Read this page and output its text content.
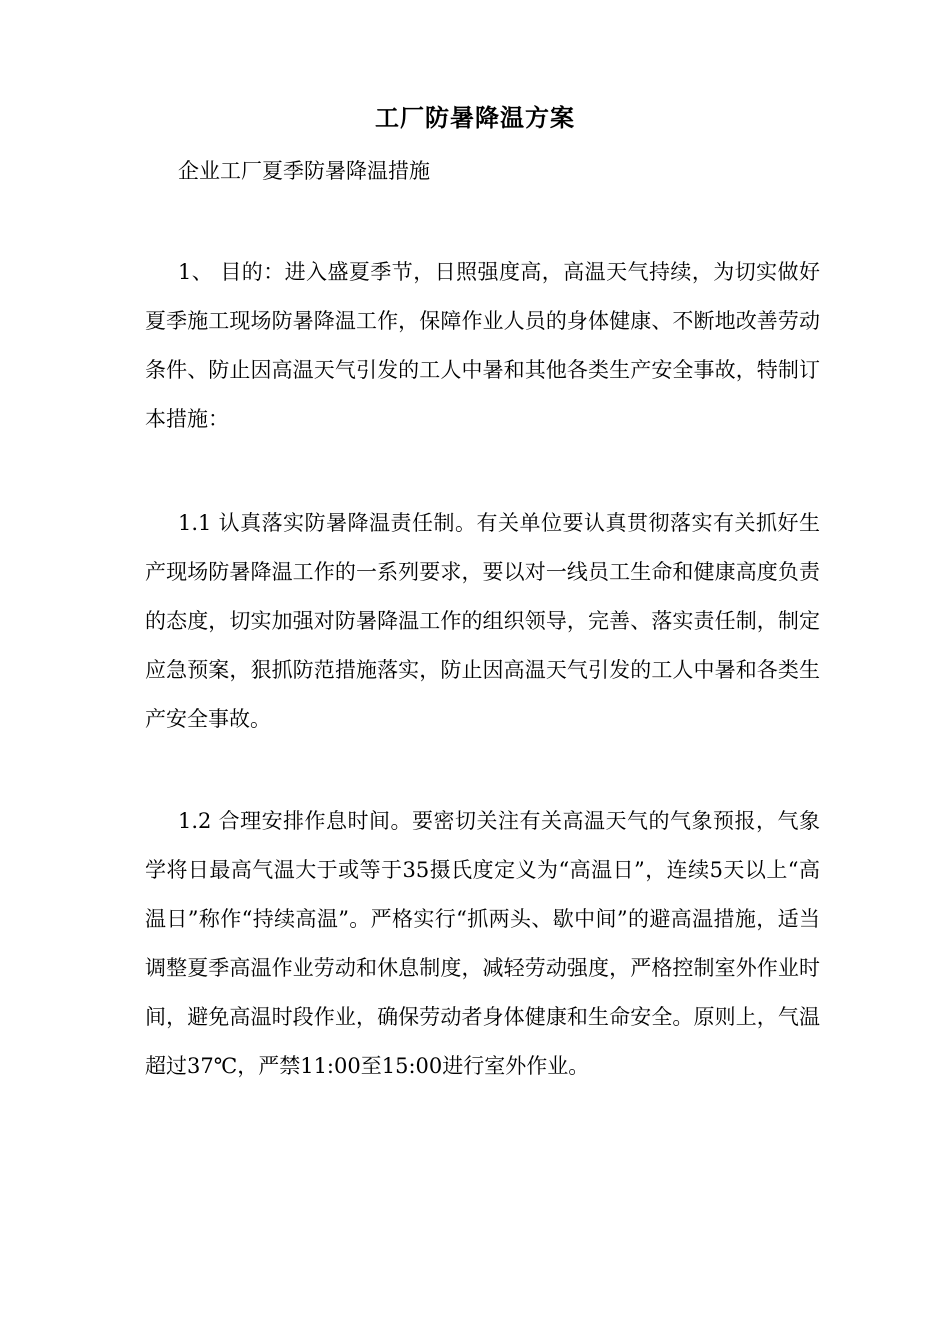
工厂防暑降温方案
企业工厂夏季防暑降温措施

1、 目的：进入盛夏季节，日照强度高，高温天气持续，为切实做好夏季施工现场防暑降温工作，保障作业人员的身体健康、不断地改善劳动条件、防止因高温天气引发的工人中暑和其他各类生产安全事故，特制订本措施：

1.1 认真落实防暑降温责任制。有关单位要认真贯彻落实有关抓好生产现场防暑降温工作的一系列要求，要以对一线员工生命和健康高度负责的态度，切实加强对防暑降温工作的组织领导，完善、落实责任制，制定应急预案，狠抓防范措施落实，防止因高温天气引发的工人中暑和各类生产安全事故。

1.2 合理安排作息时间。要密切关注有关高温天气的气象预报，气象学将日最高气温大于或等于35摄氏度定义为“高温日”，连续5天以上“高温日”称作“持续高温”。严格实行“抓两头、歇中间”的避高温措施，适当调整夏季高温作业劳动和休息制度，减轻劳动强度，严格控制室外作业时间，避免高温时段作业，确保劳动者身体健康和生命安全。原则上，气温超过37℃，严禁11:00至15:00进行室外作业。
